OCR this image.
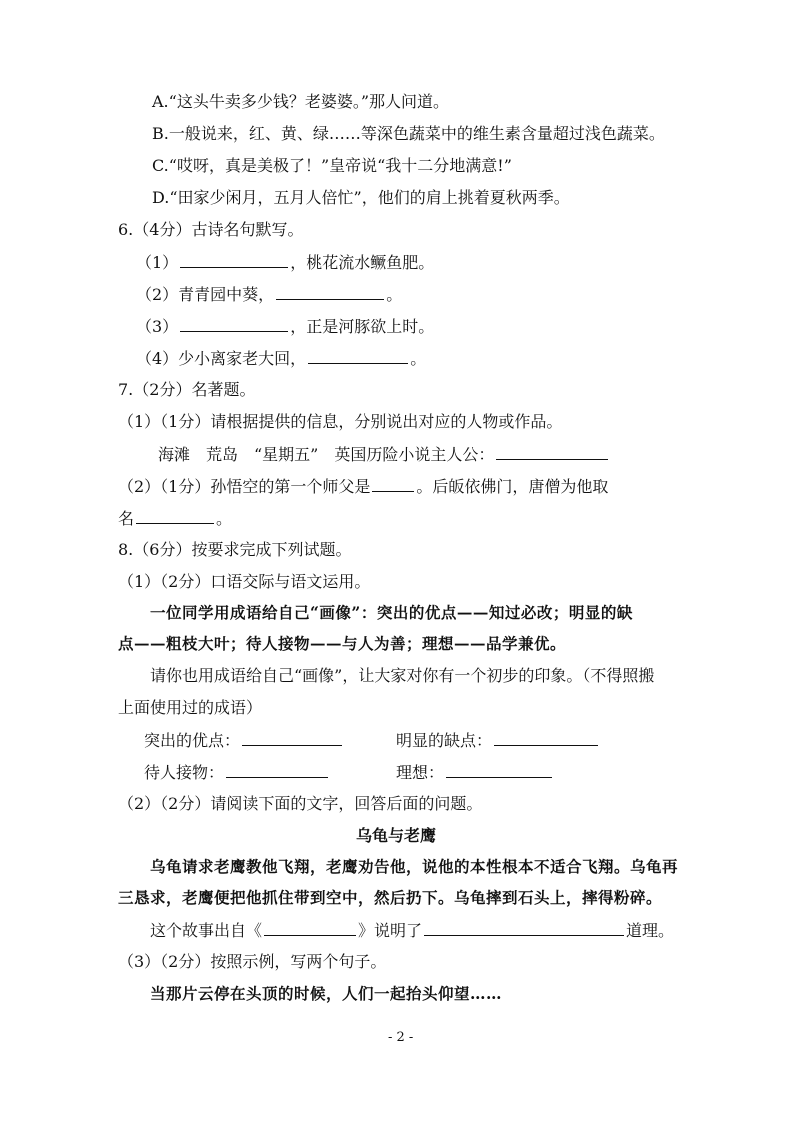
A.“这头牛卖多少钱？老婆婆。”那人问道。
B.一般说来，红、黄、绿……等深色蔬菜中的维生素含量超过浅色蔬菜。
C.“哎呀，真是美极了！”皇帝说“我十二分地满意!”
D.“田家少闲月，五月人倍忙”，他们的肩上挑着夏秋两季。
6.（4分）古诗名句默写。
（1）	，桃花流水鳜鱼肥。
（2）青青园中葵，	。
（3）	，正是河豚欲上时。
（4）少小离家老大回，	。
7.（2分）名著题。
（1）（1分）请根据提供的信息，分别说出对应的人物或作品。
海滩　荒岛　“星期五”　英国历险小说主人公：
（2）（1分）孙悟空的第一个师父是	。后皈依佛门，唐僧为他取
名	。
8.（6分）按要求完成下列试题。
（1）（2分）口语交际与语文运用。
一位同学用成语给自己“画像”：突出的优点——知过必改；明显的缺
点——粗枝大叶；待人接物——与人为善；理想——品学兼优。
请你也用成语给自己“画像”，让大家对你有一个初步的印象。（不得照搬
上面使用过的成语）
突出的优点：	明显的缺点：
待人接物：	理想：
（2）（2分）请阅读下面的文字，回答后面的问题。
乌龟与老鹰
乌龟请求老鹰教他飞翔，老鹰劝告他，说他的本性根本不适合飞翔。乌龟再
三恳求，老鹰便把他抓住带到空中，然后扔下。乌龟摔到石头上，摔得粉碎。
这个故事出自《	》说明了	道理。
（3）（2分）按照示例，写两个句子。
当那片云停在头顶的时候，人们一起抬头仰望……
- 2 -
